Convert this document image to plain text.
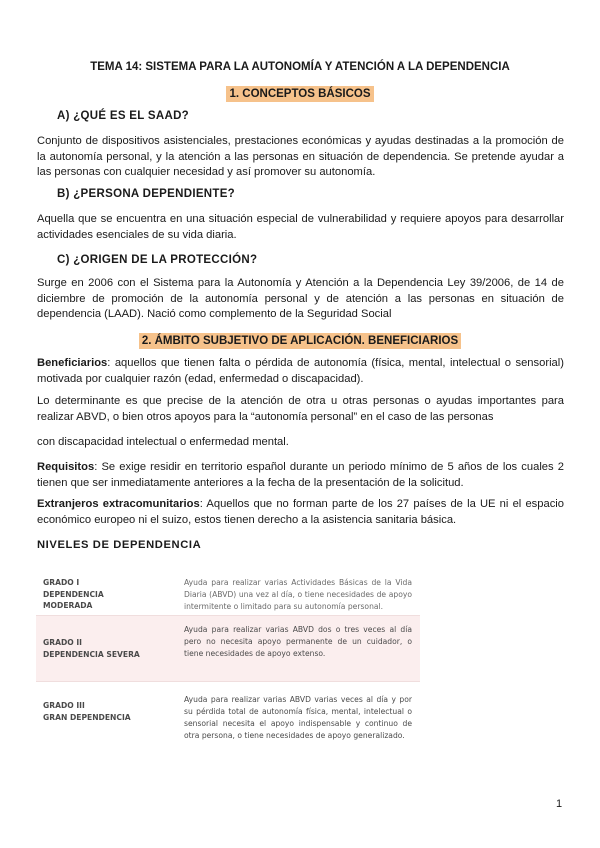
TEMA 14: SISTEMA PARA LA AUTONOMÍA Y ATENCIÓN A LA DEPENDENCIA
1. CONCEPTOS BÁSICOS
A) ¿QUÉ ES EL SAAD?

Conjunto de dispositivos asistenciales, prestaciones económicas y ayudas destinadas a la promoción de la autonomía personal, y la atención a las personas en situación de dependencia. Se pretende ayudar a las personas con cualquier necesidad y así promover su autonomía.

B) ¿PERSONA DEPENDIENTE?

Aquella que se encuentra en una situación especial de vulnerabilidad y requiere apoyos para desarrollar actividades esenciales de su vida diaria.

C) ¿ORIGEN DE LA PROTECCIÓN?

Surge en 2006 con el Sistema para la Autonomía y Atención a la Dependencia Ley 39/2006, de 14 de diciembre de promoción de la autonomía personal y de atención a las personas en situación de dependencia (LAAD). Nació como complemento de la Seguridad Social

2. ÁMBITO SUBJETIVO DE APLICACIÓN. BENEFICIARIOS

Beneficiarios: aquellos que tienen falta o pérdida de autonomía (física, mental, intelectual o sensorial) motivada por cualquier razón (edad, enfermedad o discapacidad).

Lo determinante es que precise de la atención de otra u otras personas o ayudas importantes para realizar ABVD, o bien otros apoyos para la “autonomía personal” en el caso de las personas

con discapacidad intelectual o enfermedad mental.

Requisitos: Se exige residir en territorio español durante un periodo mínimo de 5 años de los cuales 2 tienen que ser inmediatamente anteriores a la fecha de la presentación de la solicitud.

Extranjeros extracomunitarios: Aquellos que no forman parte de los 27 países de la UE ni el espacio económico europeo ni el suizo, estos tienen derecho a la asistencia sanitaria básica.

NIVELES DE DEPENDENCIA
GRADO I
DEPENDENCIA
MODERADA
Ayuda para realizar varias Actividades Básicas de la Vida Diaria (ABVD) una vez al día, o tiene necesidades de apoyo intermitente o limitado para su autonomía personal.
GRADO II
DEPENDENCIA SEVERA
Ayuda para realizar varias ABVD dos o tres veces al día pero no necesita apoyo permanente de un cuidador, o tiene necesidades de apoyo extenso.
GRADO III
GRAN DEPENDENCIA
Ayuda para realizar varias ABVD varias veces al día y por su pérdida total de autonomía física, mental, intelectual o sensorial necesita el apoyo indispensable y continuo de otra persona, o tiene necesidades de apoyo generalizado.
1
